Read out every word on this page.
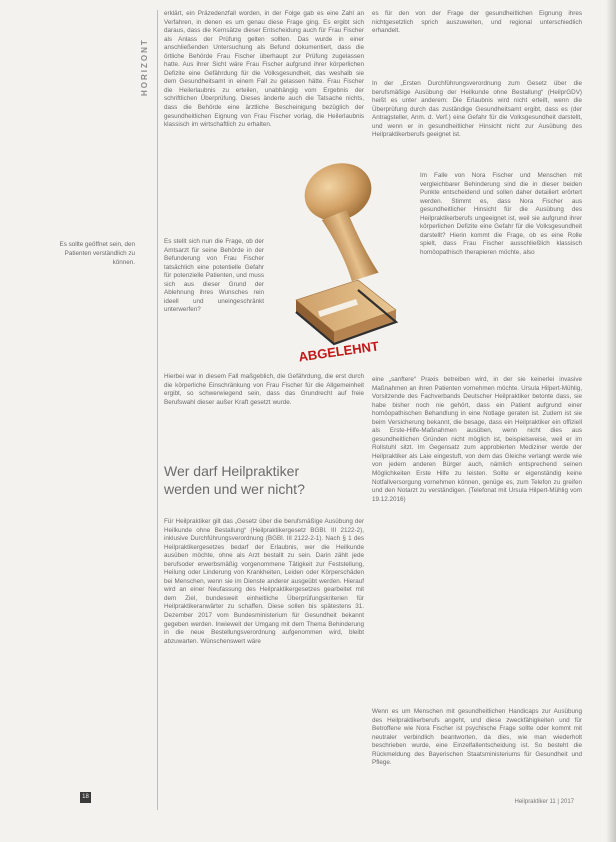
HORIZONT

erklärt, ein Präzedenzfall worden, in der Folge gab es eine Zahl an Verfahren, in denen es um genau diese Frage ging. Es ergibt sich daraus, dass die Kernsätze dieser Entscheidung auch für Frau Fischer als Anlass der Prüfung gelten sollten. Das wurde in einer anschließenden Untersuchung als Befund dokumentiert, dass die örtliche Behörde Frau Fischer überhaupt zur Prüfung zugelassen hatte. Aus ihrer Sicht wäre Frau Fischer aufgrund ihrer körperlichen Defizite eine Gefährdung für die Volksgesundheit, das weshalb sie dem Gesundheitsamt in einem Fall zu gelassen hätte. Frau Fischer die Heilerlaubnis zu erteilen, unabhängig vom Ergebnis der schriftlichen Überprüfung. Dieses änderte auch die Tatsache nichts, dass die Behörde eine ärztliche Bescheinigung bezüglich der gesundheitlichen Eignung von Frau Fischer vorlag, die Heilerlaubnis klassisch im wirtschaftlich zu erhalten.

Es sollte geöffnet sein, den Patienten verständlich zu können.

Es stellt sich nun die Frage, ob der Amtsarzt für seine Behörde in der Befunderung von Frau Fischer tatsächlich eine potentielle Gefahr für potenzielle Patienten, und muss sich aus dieser Grund der Ablehnung ihres Wunsches rein ideell und uneingeschränkt unterwerfen?

Hierbei war in diesem Fall maßgeblich, die Gefährdung, die erst durch die körperliche Einschränkung von Frau Fischer für die Allgemeinheit ergibt, so schwerwiegend sein, dass das Grundrecht auf freie Berufswahl dieser außer Kraft gesetzt wurde.

Wer darf Heilpraktiker
werden und wer nicht?

Für Heilpraktiker gilt das „Gesetz über die berufsmäßige Ausübung der Heilkunde ohne Bestallung“ (Heilpraktikergesetz BGBl. III 2122-2), inklusive Durchführungsverordnung (BGBl. III 2122-2-1). Nach § 1 des Heilpraktikergesetzes bedarf der Erlaubnis, wer die Heilkunde ausüben möchte, ohne als Arzt bestallt zu sein. Darin zählt jede berufsoder erwerbsmäßig vorgenommene Tätigkeit zur Feststellung, Heilung oder Linderung von Krankheiten, Leiden oder Körperschäden bei Menschen, wenn sie im Dienste anderer ausgeübt werden. Hierauf wird an einer Neufassung des Heilpraktikergesetzes gearbeitet mit dem Ziel, bundesweit einheitliche Überprüfungskriterien für Heilpraktikeranwärter zu schaffen. Diese sollen bis spätestens 31. Dezember 2017 vom Bundesministerium für Gesundheit bekannt gegeben werden. Inwieweit der Umgang mit dem Thema Behinderung in die neue Bestellungsverordnung aufgenommen wird, bleibt abzuwarten. Wünschenswert wäre

es für den von der Frage der gesundheitlichen Eignung ihres nichtgesetzlich sprich auszuweiten, und regional unterschiedlich erhandelt.

In der „Ersten Durchführungsverordnung zum Gesetz über die berufsmäßige Ausübung der Heilkunde ohne Bestallung“ (HeilprGDV) heißt es unter anderem: Die Erlaubnis wird nicht erteilt, wenn die Überprüfung durch das zuständige Gesundheitsamt ergibt, dass es (der Antragsteller, Anm. d. Verf.) eine Gefahr für die Volksgesundheit darstellt, und wenn er in gesundheitlicher Hinsicht nicht zur Ausübung des Heilpraktikerberufs geeignet ist.

Im Falle von Nora Fischer und Menschen mit vergleichbarer Behinderung sind die in dieser beiden Punkte entscheidend und sollen daher detailiert erörtert werden. Stimmt es, dass Nora Fischer aus gesundheitlicher Hinsicht für die Ausübung des Heilpraktikerberufs ungeeignet ist, weil sie aufgrund ihrer körperlichen Defizite eine Gefahr für die Volksgesundheit darstellt? Hierin kommt die Frage, ob es eine Rolle spielt, dass Frau Fischer ausschließlich klassisch homöopathisch therapieren möchte, also

eine „sanftere“ Praxis betreiben wird, in der sie keinerlei invasive Maßnahmen an ihren Patienten vornehmen möchte. Ursula Hilpert-Mühlig, Vorsitzende des Fachverbands Deutscher Heilpraktiker betonte dass, sie habe bisher noch nie gehört, dass ein Patient aufgrund einer homöopathischen Behandlung in eine Notlage geraten ist. Zudem ist sie beim Versicherung bekannt, die besage, dass ein Heilpraktiker ein offiziell als Erste-Hilfe-Maßnahmen ausüben, wenn nicht dies aus gesundheitlichen Gründen nicht möglich ist, beispielsweise, weil er im Rollstuhl sitzt. Im Gegensatz zum approbierten Mediziner werde der Heilpraktiker als Laie eingestuft, von dem das Gleiche verlangt werde wie von jedem anderen Bürger auch, nämlich entsprechend seinen Möglichkeiten Erste Hilfe zu leisten. Sollte er eigenständig keine Notfallversorgung vornehmen können, genüge es, zum Telefon zu greifen und den Notarzt zu verständigen. (Telefonat mit Ursula Hilpert-Mühlig vom 19.12.2016)

Wenn es um Menschen mit gesundheitlichen Handicaps zur Ausübung des Heilpraktikerberufs angeht, und diese zweckfähigkeiten und für Betroffene wie Nora Fischer ist psychische Frage sollte oder kommt mit neutraler verbindlich beantworten, da dies, wie man wiederholt beschrieben wurde, eine Einzelfallentscheidung ist. So besteht die Rückmeldung des Bayerischen Staatsministeriums für Gesundheit und Pflege.

ABGELEHNT
18
Heilpraktiker 11 | 2017
